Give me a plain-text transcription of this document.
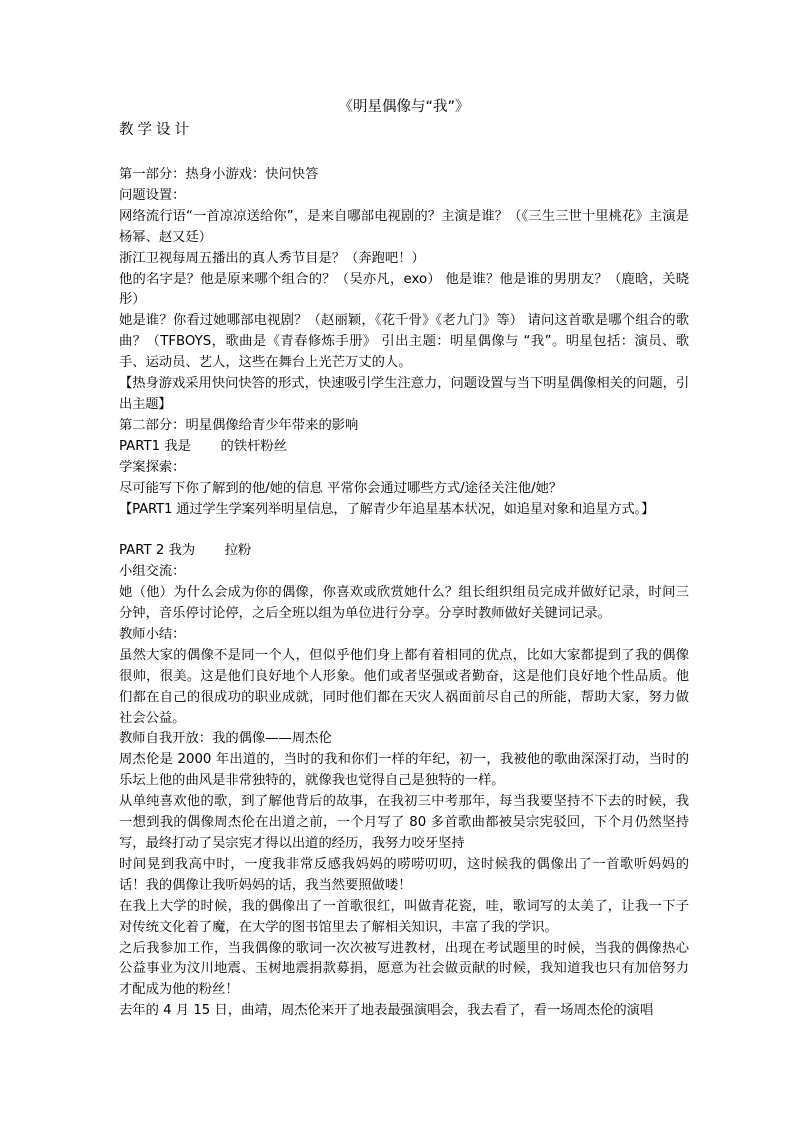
《明星偶像与“我”》
教学设计

第一部分：热身小游戏：快问快答

问题设置：

网络流行语“一首凉凉送给你”，是来自哪部电视剧的？主演是谁？（《三生三世十里桃花》主演是杨幂、赵又廷）

浙江卫视每周五播出的真人秀节目是？（奔跑吧！）

他的名字是？他是原来哪个组合的？（吴亦凡，exo） 他是谁？他是谁的男朋友？（鹿晗，关晓彤）

她是谁？你看过她哪部电视剧？（赵丽颖，《花千骨》《老九门》等） 请问这首歌是哪个组合的歌曲？（TFBOYS，歌曲是《青春修炼手册》 引出主题：明星偶像与 “我”。明星包括：演员、歌手、运动员、艺人，这些在舞台上光芒万丈的人。

【热身游戏采用快问快答的形式，快速吸引学生注意力，问题设置与当下明星偶像相关的问题，引出主题】

第二部分：明星偶像给青少年带来的影响

PART1 我是       的铁杆粉丝

学案探索：

尽可能写下你了解到的他/她的信息 平常你会通过哪些方式/途径关注他/她？

【PART1 通过学生学案列举明星信息，了解青少年追星基本状况，如追星对象和追星方式。】

PART 2 我为       拉粉

小组交流：

她（他）为什么会成为你的偶像，你喜欢或欣赏她什么？组长组织组员完成并做好记录，时间三分钟，音乐停讨论停，之后全班以组为单位进行分享。分享时教师做好关键词记录。

教师小结：

虽然大家的偶像不是同一个人，但似乎他们身上都有着相同的优点，比如大家都提到了我的偶像很帅，很美。这是他们良好地个人形象。他们或者坚强或者勤奋，这是他们良好地个性品质。他们都在自己的很成功的职业成就，同时他们都在天灾人祸面前尽自己的所能，帮助大家，努力做社会公益。

教师自我开放：我的偶像——周杰伦

周杰伦是 2000 年出道的，当时的我和你们一样的年纪，初一，我被他的歌曲深深打动，当时的乐坛上他的曲风是非常独特的，就像我也觉得自己是独特的一样。

从单纯喜欢他的歌，到了解他背后的故事，在我初三中考那年，每当我要坚持不下去的时候，我一想到我的偶像周杰伦在出道之前，一个月写了 80 多首歌曲都被吴宗宪驳回，下个月仍然坚持写，最终打动了吴宗宪才得以出道的经历，我努力咬牙坚持

时间晃到我高中时，一度我非常反感我妈妈的唠唠叨叨，这时候我的偶像出了一首歌听妈妈的话！我的偶像让我听妈妈的话，我当然要照做喽！

在我上大学的时候，我的偶像出了一首歌很红，叫做青花瓷，哇，歌词写的太美了，让我一下子对传统文化着了魔，在大学的图书馆里去了解相关知识，丰富了我的学识。

之后我参加工作，当我偶像的歌词一次次被写进教材，出现在考试题里的时候，当我的偶像热心公益事业为汶川地震、玉树地震捐款募捐，愿意为社会做贡献的时候，我知道我也只有加倍努力才配成为他的粉丝！

去年的 4 月 15 日，曲靖，周杰伦来开了地表最强演唱会，我去看了，看一场周杰伦的演唱
